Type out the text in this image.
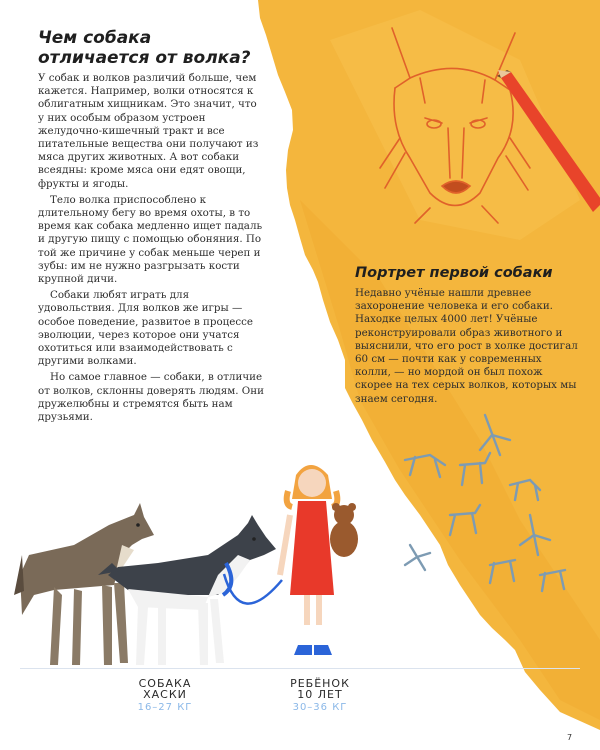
Чем собака отличается от волка?

У собак и волков различий больше, чем кажется. Например, волки относятся к облигатным хищникам. Это значит, что у них особым образом устроен желудочно-кишечный тракт и все питательные вещества они получают из мяса других животных. А вот собаки всеядны: кроме мяса они едят овощи, фрукты и ягоды.

Тело волка приспособлено к длительному бегу во время охоты, в то время как собака медленно ищет падаль и другую пищу с помощью обоняния. По той же причине у собак меньше череп и зубы: им не нужно разгрызать кости крупной дичи.

Собаки любят играть для удовольствия. Для волков же игры — особое поведение, развитое в процессе эволюции, через которое они учатся охотиться или взаимодействовать с другими волками.

Но самое главное — собаки, в отличие от волков, склонны доверять людям. Они дружелюбны и стремятся быть нам друзьями.

Портрет первой собаки
Недавно учёные нашли древнее захоронение человека и его собаки. Находке целых 4000 лет! Учёные реконструировали образ животного и выяснили, что его рост в холке достигал 60 см — почти как у современных колли, — но мордой он был похож скорее на тех серых волков, которых мы знаем сегодня.
СОБАКА ХАСКИ
16–27 КГ
РЕБЁНОК 10 ЛЕТ
30–36 КГ
7
